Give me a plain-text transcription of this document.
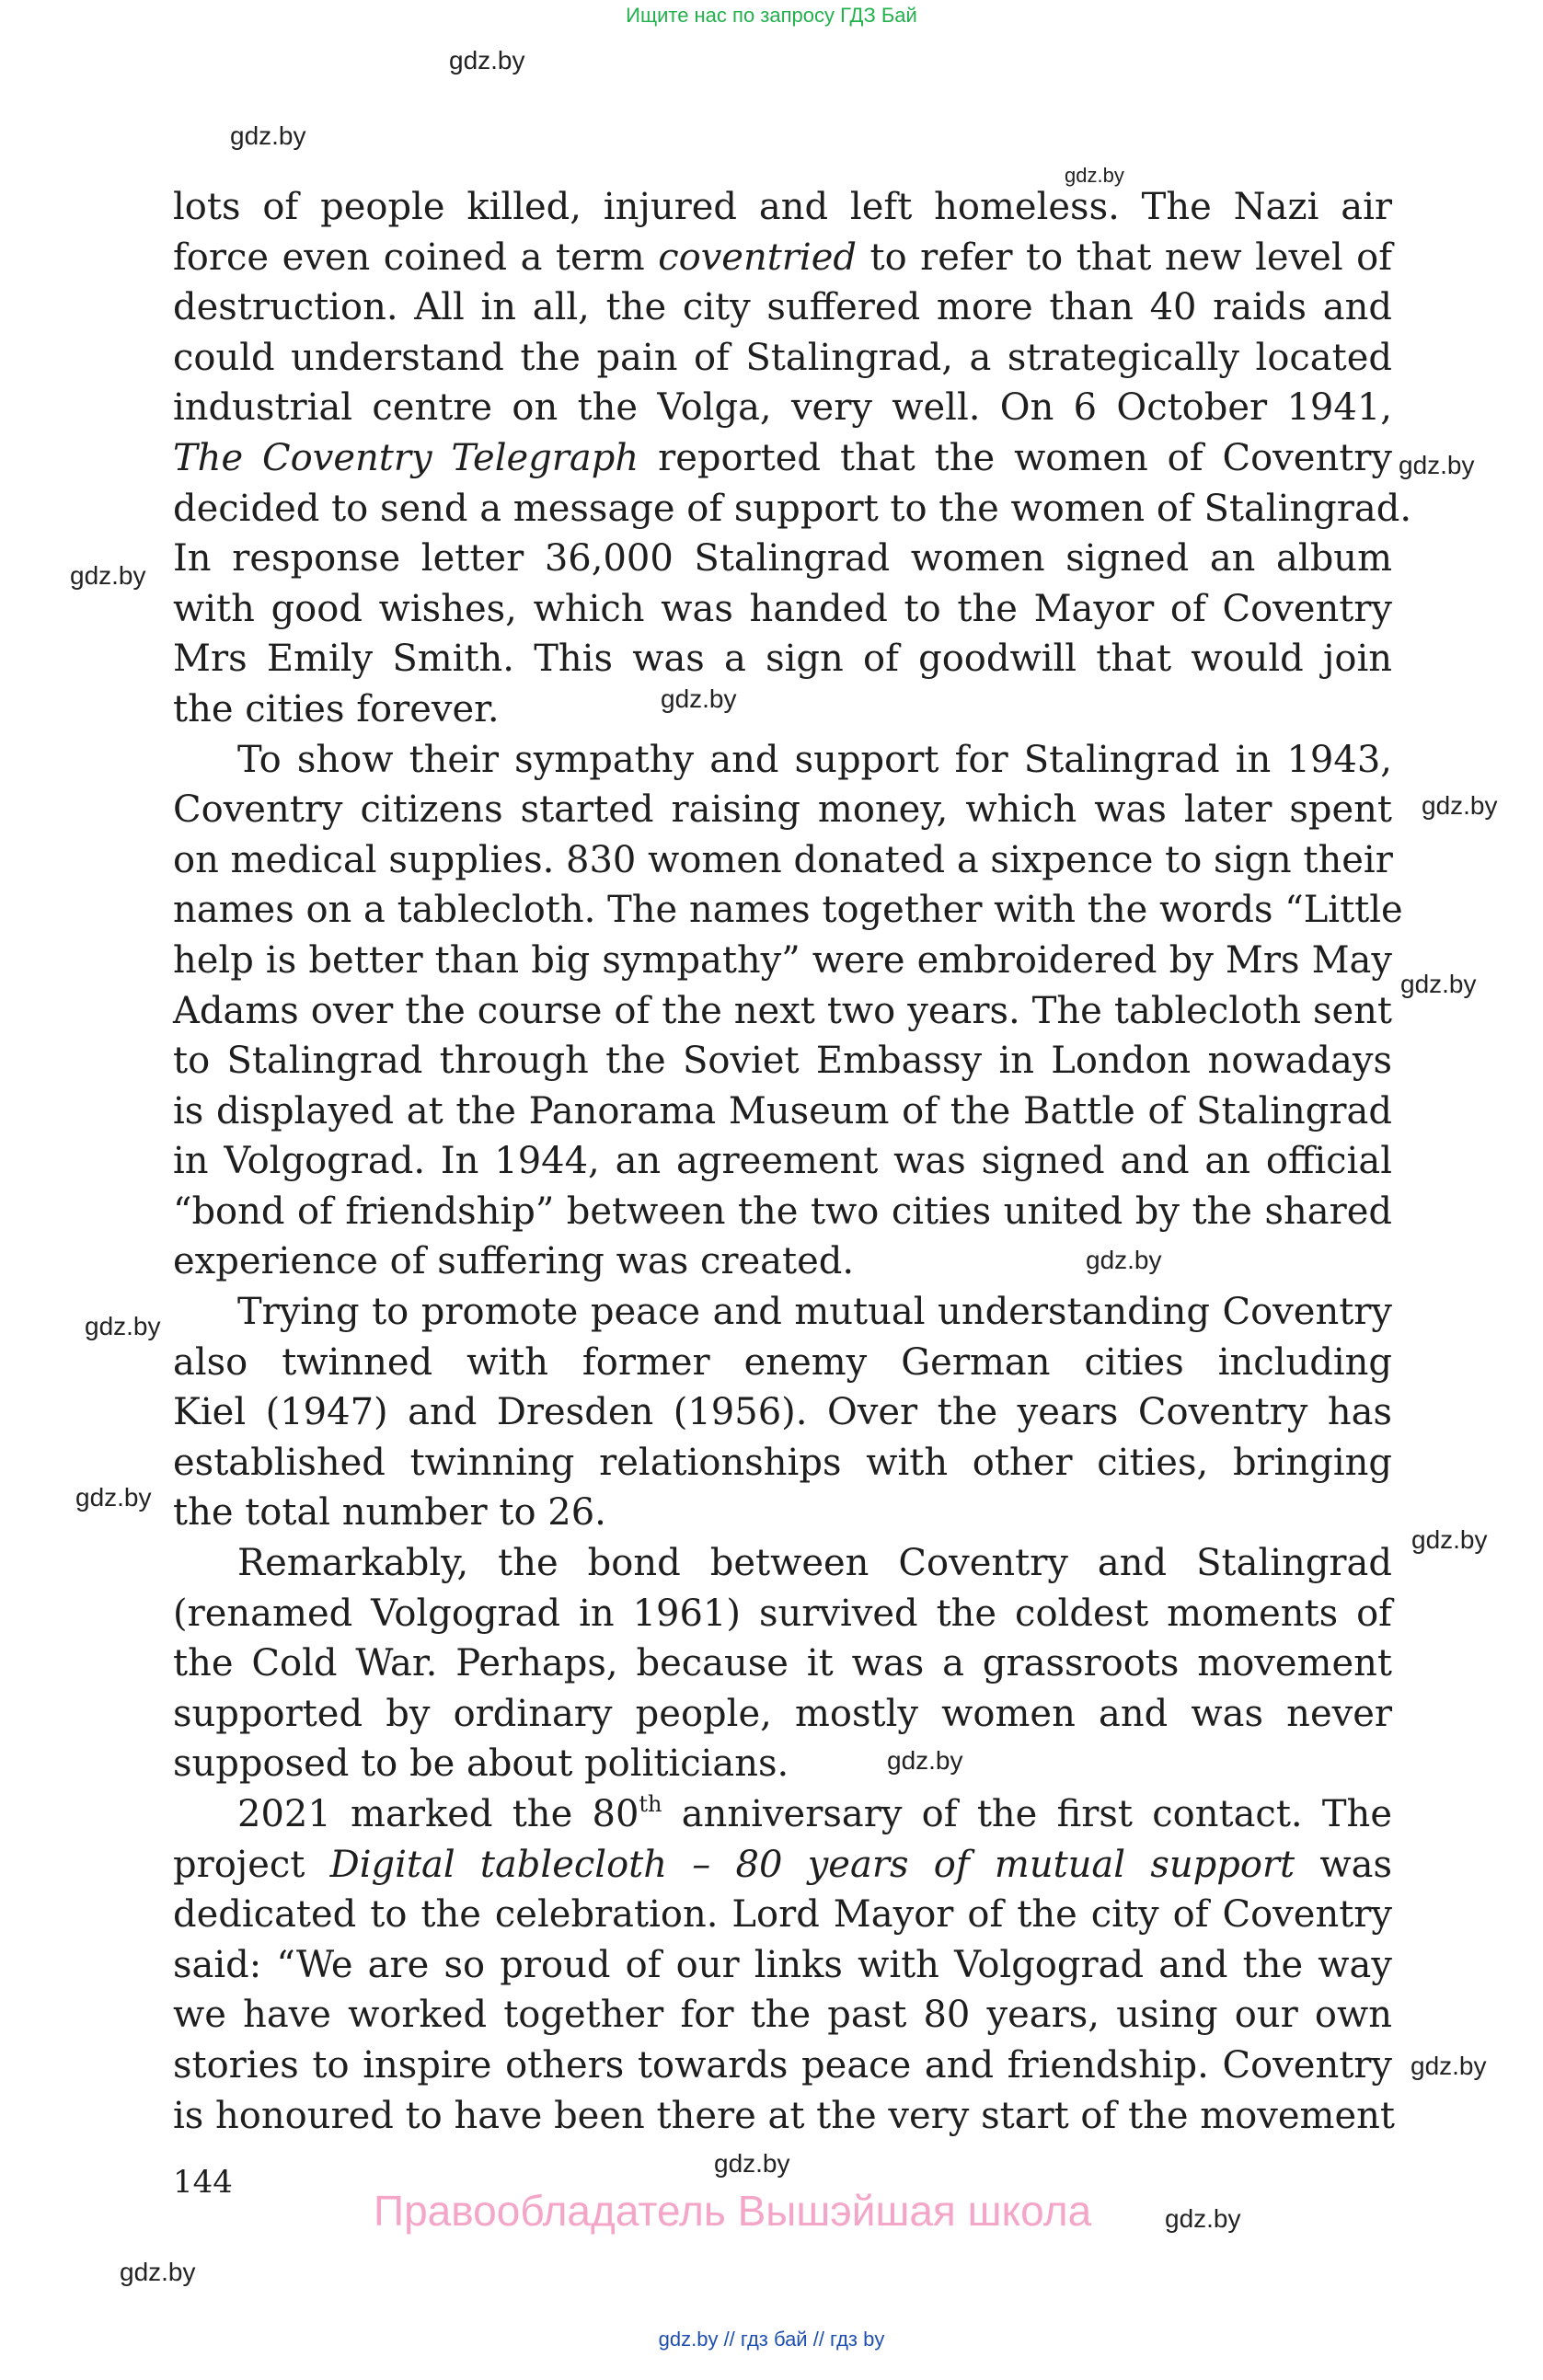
Ищите нас по запросу ГДЗ Бай
gdz.by
gdz.by
gdz.by
gdz.by
gdz.by
gdz.by
gdz.by
gdz.by
gdz.by
gdz.by
gdz.by
gdz.by
gdz.by
gdz.by
gdz.by
gdz.by
gdz.by
lots of people killed, injured and left homeless. The Nazi air
force even coined a term coventried to refer to that new level of
destruction. All in all, the city suffered more than 40 raids and
could understand the pain of Stalingrad, a strategically located
industrial centre on the Volga, very well. On 6 October 1941,
The Coventry Telegraph reported that the women of Coventry
decided to send a message of support to the women of Stalingrad.
In response letter 36,000 Stalingrad women signed an album
with good wishes, which was handed to the Mayor of Coventry
Mrs Emily Smith. This was a sign of goodwill that would join
the cities forever.
To show their sympathy and support for Stalingrad in 1943,
Coventry citizens started raising money, which was later spent
on medical supplies. 830 women donated a sixpence to sign their
names on a tablecloth. The names together with the words “Little
help is better than big sympathy” were embroidered by Mrs May
Adams over the course of the next two years. The tablecloth sent
to Stalingrad through the Soviet Embassy in London nowadays
is displayed at the Panorama Museum of the Battle of Stalingrad
in Volgograd. In 1944, an agreement was signed and an official
“bond of friendship” between the two cities united by the shared
experience of suffering was created.
Trying to promote peace and mutual understanding Coventry
also twinned with former enemy German cities including
Kiel (1947) and Dresden (1956). Over the years Coventry has
established twinning relationships with other cities, bringing
the total number to 26.
Remarkably, the bond between Coventry and Stalingrad
(renamed Volgograd in 1961) survived the coldest moments of
the Cold War. Perhaps, because it was a grassroots movement
supported by ordinary people, mostly women and was never
supposed to be about politicians.
2021 marked the 80th anniversary of the first contact. The
project Digital tablecloth – 80 years of mutual support was
dedicated to the celebration. Lord Mayor of the city of Coventry
said: “We are so proud of our links with Volgograd and the way
we have worked together for the past 80 years, using our own
stories to inspire others towards peace and friendship. Coventry
is honoured to have been there at the very start of the movement
144
Правообладатель Вышэйшая школа
gdz.by // гдз бай // гдз by
